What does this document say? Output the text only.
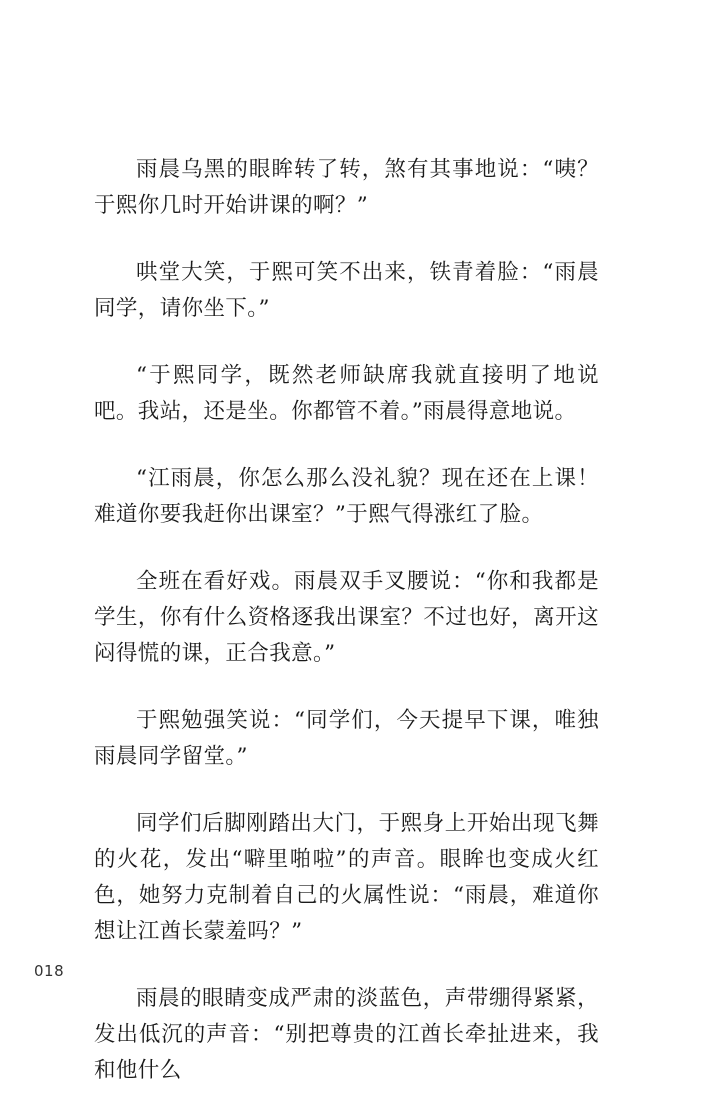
雨晨乌黑的眼眸转了转，煞有其事地说：“咦？于熙你几时开始讲课的啊？”

哄堂大笑，于熙可笑不出来，铁青着脸：“雨晨同学，请你坐下。”

“于熙同学，既然老师缺席我就直接明了地说吧。我站，还是坐。你都管不着。”雨晨得意地说。

“江雨晨，你怎么那么没礼貌？现在还在上课！难道你要我赶你出课室？”于熙气得涨红了脸。

全班在看好戏。雨晨双手叉腰说：“你和我都是学生，你有什么资格逐我出课室？不过也好，离开这闷得慌的课，正合我意。”

于熙勉强笑说：“同学们，今天提早下课，唯独雨晨同学留堂。”

同学们后脚刚踏出大门，于熙身上开始出现飞舞的火花，发出“噼里啪啦”的声音。眼眸也变成火红色，她努力克制着自己的火属性说：“雨晨，难道你想让江酋长蒙羞吗？”

雨晨的眼睛变成严肃的淡蓝色，声带绷得紧紧，发出低沉的声音：“别把尊贵的江酋长牵扯进来，我和他什么

018
